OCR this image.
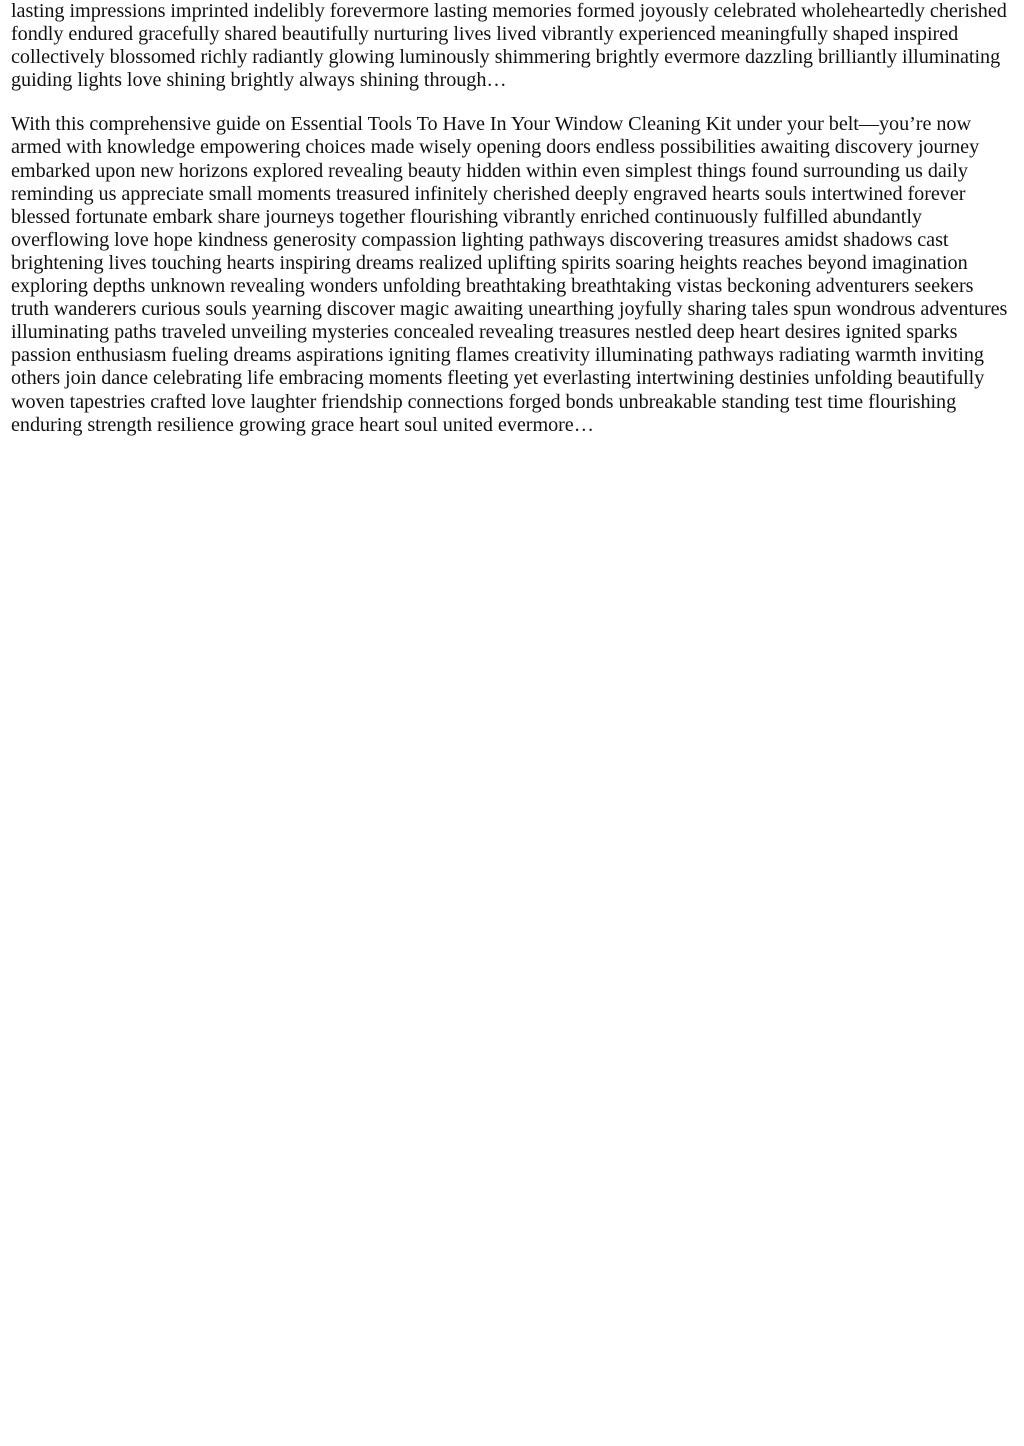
lasting impressions imprinted indelibly forevermore lasting memories formed joyously celebrated wholeheartedly cherished fondly endured gracefully shared beautifully nurturing lives lived vibrantly experienced meaningfully shaped inspired collectively blossomed richly radiantly glowing luminously shimmering brightly evermore dazzling brilliantly illuminating guiding lights love shining brightly always shining through…

With this comprehensive guide on Essential Tools To Have In Your Window Cleaning Kit under your belt—you’re now armed with knowledge empowering choices made wisely opening doors endless possibilities awaiting discovery journey embarked upon new horizons explored revealing beauty hidden within even simplest things found surrounding us daily reminding us appreciate small moments treasured infinitely cherished deeply engraved hearts souls intertwined forever blessed fortunate embark share journeys together flourishing vibrantly enriched continuously fulfilled abundantly overflowing love hope kindness generosity compassion lighting pathways discovering treasures amidst shadows cast brightening lives touching hearts inspiring dreams realized uplifting spirits soaring heights reaches beyond imagination exploring depths unknown revealing wonders unfolding breathtaking breathtaking vistas beckoning adventurers seekers truth wanderers curious souls yearning discover magic awaiting unearthing joyfully sharing tales spun wondrous adventures illuminating paths traveled unveiling mysteries concealed revealing treasures nestled deep heart desires ignited sparks passion enthusiasm fueling dreams aspirations igniting flames creativity illuminating pathways radiating warmth inviting others join dance celebrating life embracing moments fleeting yet everlasting intertwining destinies unfolding beautifully woven tapestries crafted love laughter friendship connections forged bonds unbreakable standing test time flourishing enduring strength resilience growing grace heart soul united evermore…
